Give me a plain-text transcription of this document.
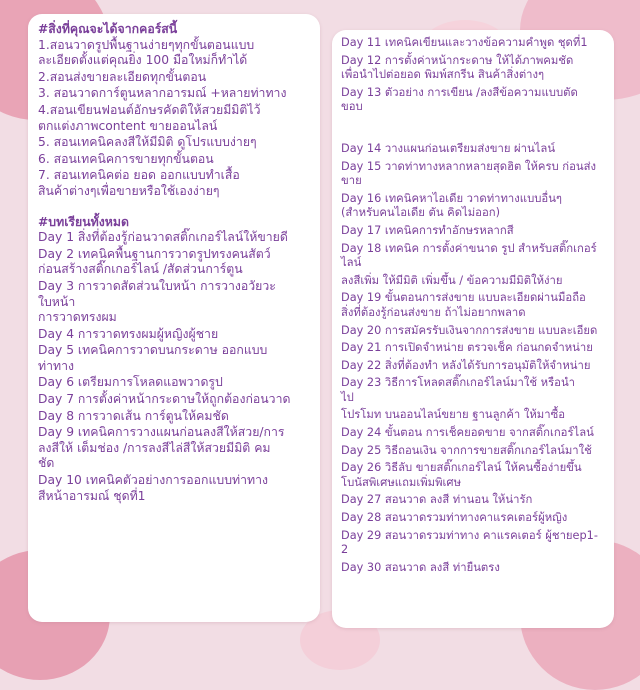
#สิ่งที่คุณจะได้จากคอร์สนี้

1.สอนวาดรูปพื้นฐานง่ายๆทุกขั้นตอนแบบ

ละเอียดตั้งแต่คุณยิ่ง 100 มือใหม่ก็ทำได้

2.สอนส่งขายละเอียดทุกขั้นตอน

3. สอนวาดการ์ตูนหลากอารมณ์ +หลายท่าทาง

4.สอนเขียนฟอนต์อักษรคัดติให้สวยมีมิติไว้

ตกแต่งภาพcontent ขายออนไลน์

5. สอนเทคนิคลงสีให้มีมิติ ดูโปรแบบง่ายๆ

6. สอนเทคนิคการขายทุกขั้นตอน

7. สอนเทคนิคต่อ ยอด ออกแบบทำเสื้อ

สินค้าต่างๆเพื่อขายหรือใช้เองง่ายๆ

#บทเรียนทั้งหมด

Day 1 สิ่งที่ต้องรู้ก่อนวาดสติ๊กเกอร์ไลน์ให้ขายดี

Day 2 เทคนิคพื้นฐานการวาดรูปทรงคนสัตว์

ก่อนสร้างสติ๊กเกอร์ไลน์ /สัดส่วนการ์ตูน

Day 3 การวาดสัดส่วนใบหน้า การวางอวัยวะ

ใบหน้า

การวาดทรงผม

Day 4 การวาดทรงผมผู้หญิงผู้ชาย

Day 5 เทคนิคการวาดบนกระดาษ ออกแบบ

ท่าทาง

Day 6 เตรียมการโหลดแอพวาดรูป

Day 7 การตั้งค่าหน้ากระดาษให้ถูกต้องก่อนวาด

Day 8 การวาดเส้น การ์ตูนให้คมชัด

Day 9 เทคนิคการวางแผนก่อนลงสีให้สวย/การ

ลงสีให้ เต็มช่อง /การลงสีไล่สีให้สวยมีมิติ คม

ชัด

Day 10 เทคนิคตัวอย่างการออกแบบท่าทาง

สีหน้าอารมณ์ ชุดที่1

Day 11 เทคนิคเขียนและวางข้อความคำพูด ชุดที่1

Day 12 การตั้งค่าหน้ากระดาษ ให้ได้ภาพคมชัด

เพื่อนำไปต่อยอด พิมพ์สกรีน สินค้าสิ่งต่างๆ

Day 13 ตัวอย่าง การเขียน /ลงสีข้อความแบบตัด

ขอบ

Day 14 วางแผนก่อนเตรียมส่งขาย ผ่านไลน์

Day 15 วาดท่าทางหลากหลายสุดฮิต ให้ครบ ก่อนส่ง

ขาย

Day 16 เทคนิคหาไอเดีย วาดท่าทางแบบอื่นๆ

(สำหรับคนไอเดีย ตัน คิดไม่ออก)

Day 17 เทคนิคการทำอักษรหลากสี

Day 18 เทคนิค การตั้งค่าขนาด รูป สำหรับสติ๊กเกอร์

ไลน์

ลงสีเพิ่ม ให้มีมิติ เพิ่มขึ้น / ข้อความมีมิติให้ง่าย

Day 19 ขั้นตอนการส่งขาย แบบละเอียดผ่านมือถือ

สิ่งที่ต้องรู้ก่อนส่งขาย ถ้าไม่อยากพลาด

Day 20 การสมัครรับเงินจากการส่งขาย แบบละเอียด

Day 21 การเปิดจำหน่าย ตรวจเช็ค ก่อนกดจำหน่าย

Day 22 สิ่งที่ต้องทำ หลังได้รับการอนุมัติให้จำหน่าย

Day 23 วิธีการโหลดสติ๊กเกอร์ไลน์มาใช้ หรือนำ

ไป

โปรโมท บนออนไลน์ขยาย ฐานลูกค้า ให้มาซื้อ

Day 24 ขั้นตอน การเช็คยอดขาย จากสติ๊กเกอร์ไลน์

Day 25 วิธีถอนเงิน จากการขายสติ๊กเกอร์ไลน์มาใช้

Day 26 วิธีลับ ขายสติ๊กเกอร์ไลน์ ให้คนซื้อง่ายขึ้น

โบนัสพิเศษแถมเพิ่มพิเศษ

Day 27 สอนวาด ลงสี ท่านอน ให้น่ารัก

Day 28 สอนวาดรวมท่าทางคาแรคเตอร์ผู้หญิง

Day 29 สอนวาดรวมท่าทาง คาแรคเตอร์ ผู้ชายep1-

2

Day 30 สอนวาด ลงสี ท่ายืนตรง
